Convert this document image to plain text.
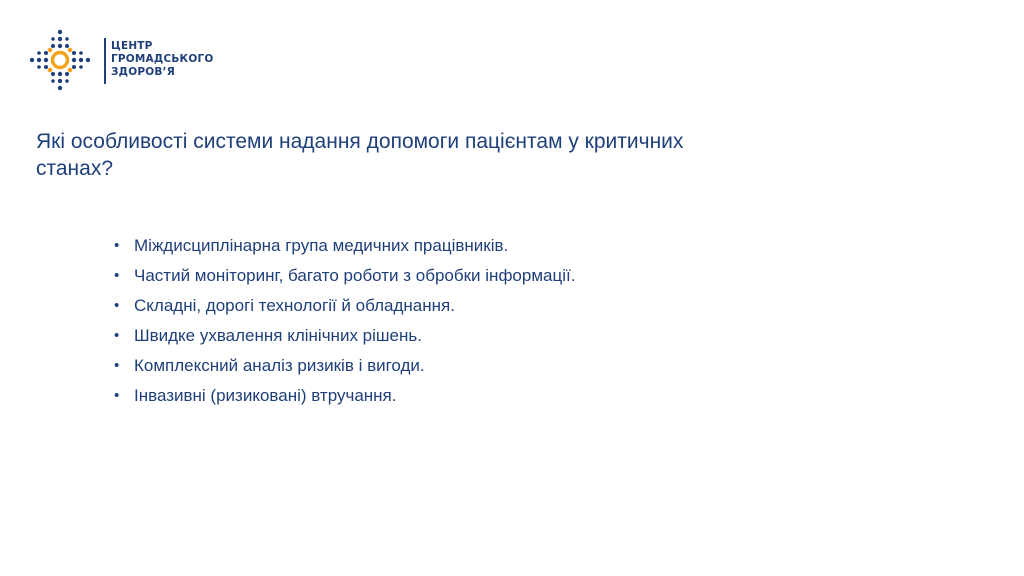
ЦЕНТР
ГРОМАДСЬКОГО
ЗДОРОВ’Я
Які особливості системи надання допомоги пацієнтам у критичних станах?
• Міждисциплінарна група медичних працівників.
• Частий моніторинг, багато роботи з обробки інформації.
• Складні, дорогі технології й обладнання.
• Швидке ухвалення клінічних рішень.
• Комплексний аналіз ризиків і вигоди.
• Інвазивні (ризиковані) втручання.
